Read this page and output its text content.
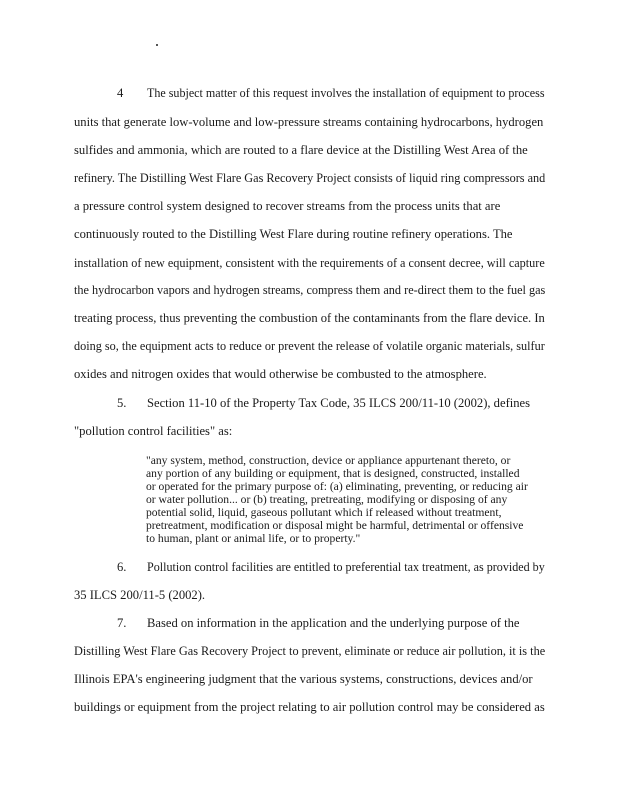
4 The subject matter of this request involves the installation of equipment to process
units that generate low-volume and low-pressure streams containing hydrocarbons, hydrogen
sulfides and ammonia, which are routed to a flare device at the Distilling West Area of the
refinery. The Distilling West Flare Gas Recovery Project consists of liquid ring compressors and
a pressure control system designed to recover streams from the process units that are
continuously routed to the Distilling West Flare during routine refinery operations. The
installation of new equipment, consistent with the requirements of a consent decree, will capture
the hydrocarbon vapors and hydrogen streams, compress them and re-direct them to the fuel gas
treating process, thus preventing the combustion of the contaminants from the flare device. In
doing so, the equipment acts to reduce or prevent the release of volatile organic materials, sulfur
oxides and nitrogen oxides that would otherwise be combusted to the atmosphere.
5. Section 11-10 of the Property Tax Code, 35 ILCS 200/11-10 (2002), defines
"pollution control facilities" as:
"any system, method, construction, device or appliance appurtenant thereto, or
any portion of any building or equipment, that is designed, constructed, installed
or operated for the primary purpose of: (a) eliminating, preventing, or reducing air
or water pollution... or (b) treating, pretreating, modifying or disposing of any
potential solid, liquid, gaseous pollutant which if released without treatment,
pretreatment, modification or disposal might be harmful, detrimental or offensive
to human, plant or animal life, or to property."
6. Pollution control facilities are entitled to preferential tax treatment, as provided by
35 ILCS 200/11-5 (2002).
7. Based on information in the application and the underlying purpose of the
Distilling West Flare Gas Recovery Project to prevent, eliminate or reduce air pollution, it is the
Illinois EPA's engineering judgment that the various systems, constructions, devices and/or
buildings or equipment from the project relating to air pollution control may be considered as
